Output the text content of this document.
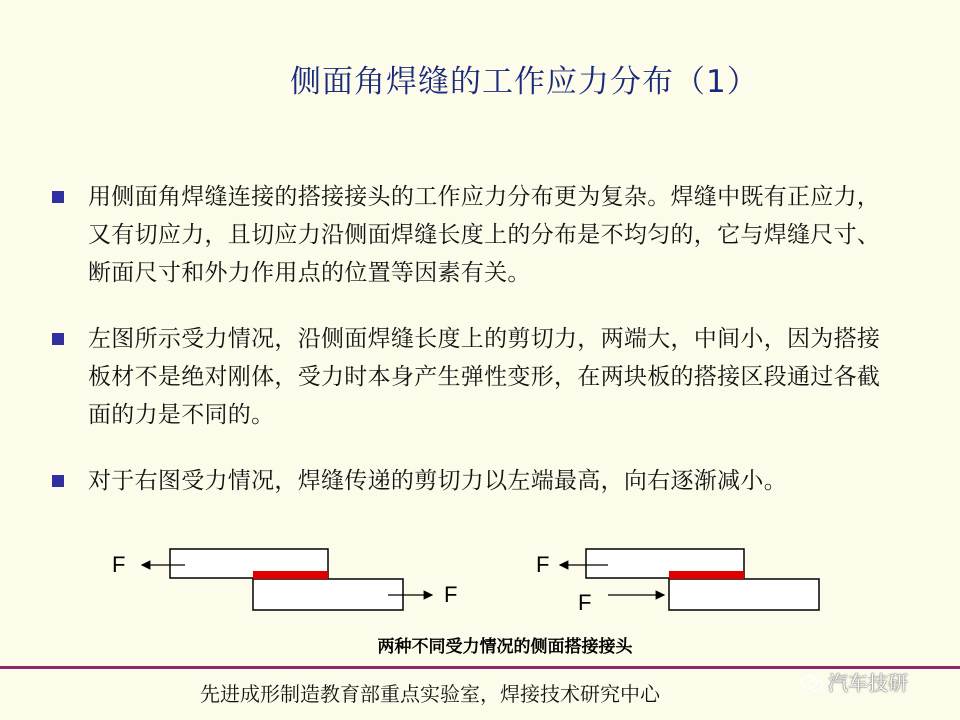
侧面角焊缝的工作应力分布（1）
用侧面角焊缝连接的搭接接头的工作应力分布更为复杂。焊缝中既有正应力，又有切应力，且切应力沿侧面焊缝长度上的分布是不均匀的，它与焊缝尺寸、断面尺寸和外力作用点的位置等因素有关。
左图所示受力情况，沿侧面焊缝长度上的剪切力，两端大，中间小，因为搭接板材不是绝对刚体，受力时本身产生弹性变形，在两块板的搭接区段通过各截面的力是不同的。
对于右图受力情况，焊缝传递的剪切力以左端最高，向右逐渐减小。
F
F
F
F
两种不同受力情况的侧面搭接接头
先进成形制造教育部重点实验室，焊接技术研究中心	汽车技研
